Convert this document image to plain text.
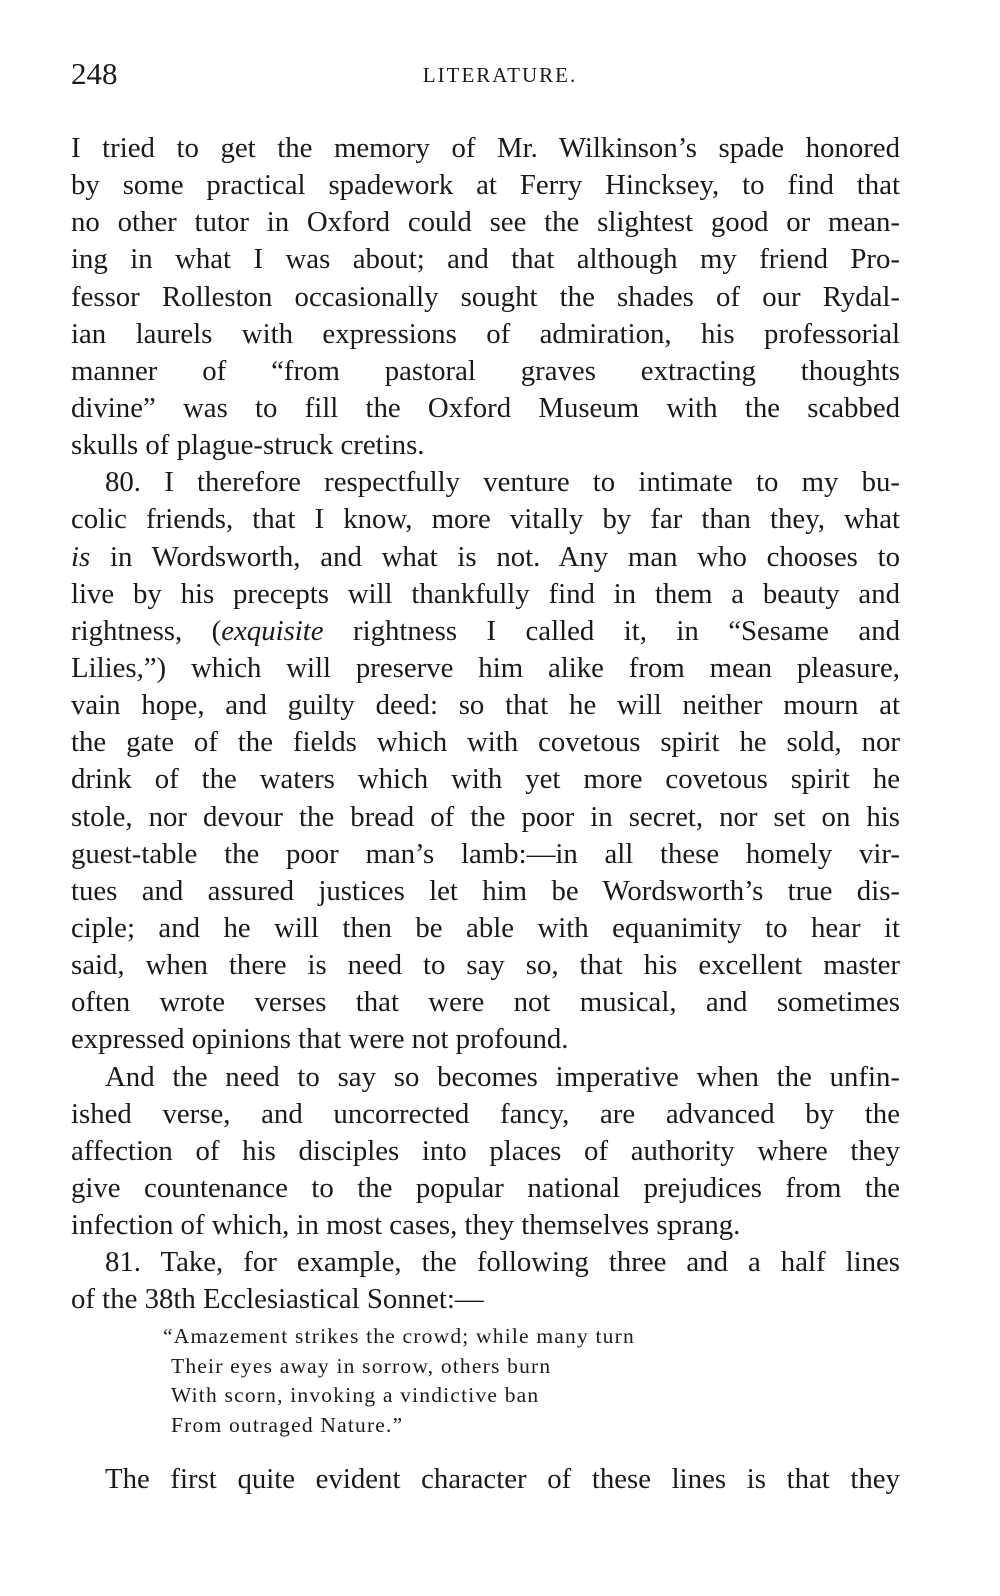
248	LITERATURE.
I tried to get the memory of Mr. Wilkinson’s spade honored
by some practical spadework at Ferry Hincksey, to find that
no other tutor in Oxford could see the slightest good or mean-
ing in what I was about; and that although my friend Pro-
fessor Rolleston occasionally sought the shades of our Rydal-
ian laurels with expressions of admiration, his professorial
manner of “from pastoral graves extracting thoughts
divine” was to fill the Oxford Museum with the scabbed
skulls of plague-struck cretins.
80. I therefore respectfully venture to intimate to my bu-
colic friends, that I know, more vitally by far than they, what
is in Wordsworth, and what is not. Any man who chooses to
live by his precepts will thankfully find in them a beauty and
rightness, (exquisite rightness I called it, in “Sesame and
Lilies,”) which will preserve him alike from mean pleasure,
vain hope, and guilty deed: so that he will neither mourn at
the gate of the fields which with covetous spirit he sold, nor
drink of the waters which with yet more covetous spirit he
stole, nor devour the bread of the poor in secret, nor set on his
guest-table the poor man’s lamb:—in all these homely vir-
tues and assured justices let him be Wordsworth’s true dis-
ciple; and he will then be able with equanimity to hear it
said, when there is need to say so, that his excellent master
often wrote verses that were not musical, and sometimes
expressed opinions that were not profound.
And the need to say so becomes imperative when the unfin-
ished verse, and uncorrected fancy, are advanced by the
affection of his disciples into places of authority where they
give countenance to the popular national prejudices from the
infection of which, in most cases, they themselves sprang.
81. Take, for example, the following three and a half lines
of the 38th Ecclesiastical Sonnet:—
“Amazement strikes the crowd; while many turn
Their eyes away in sorrow, others burn
With scorn, invoking a vindictive ban
From outraged Nature.”
The first quite evident character of these lines is that they
